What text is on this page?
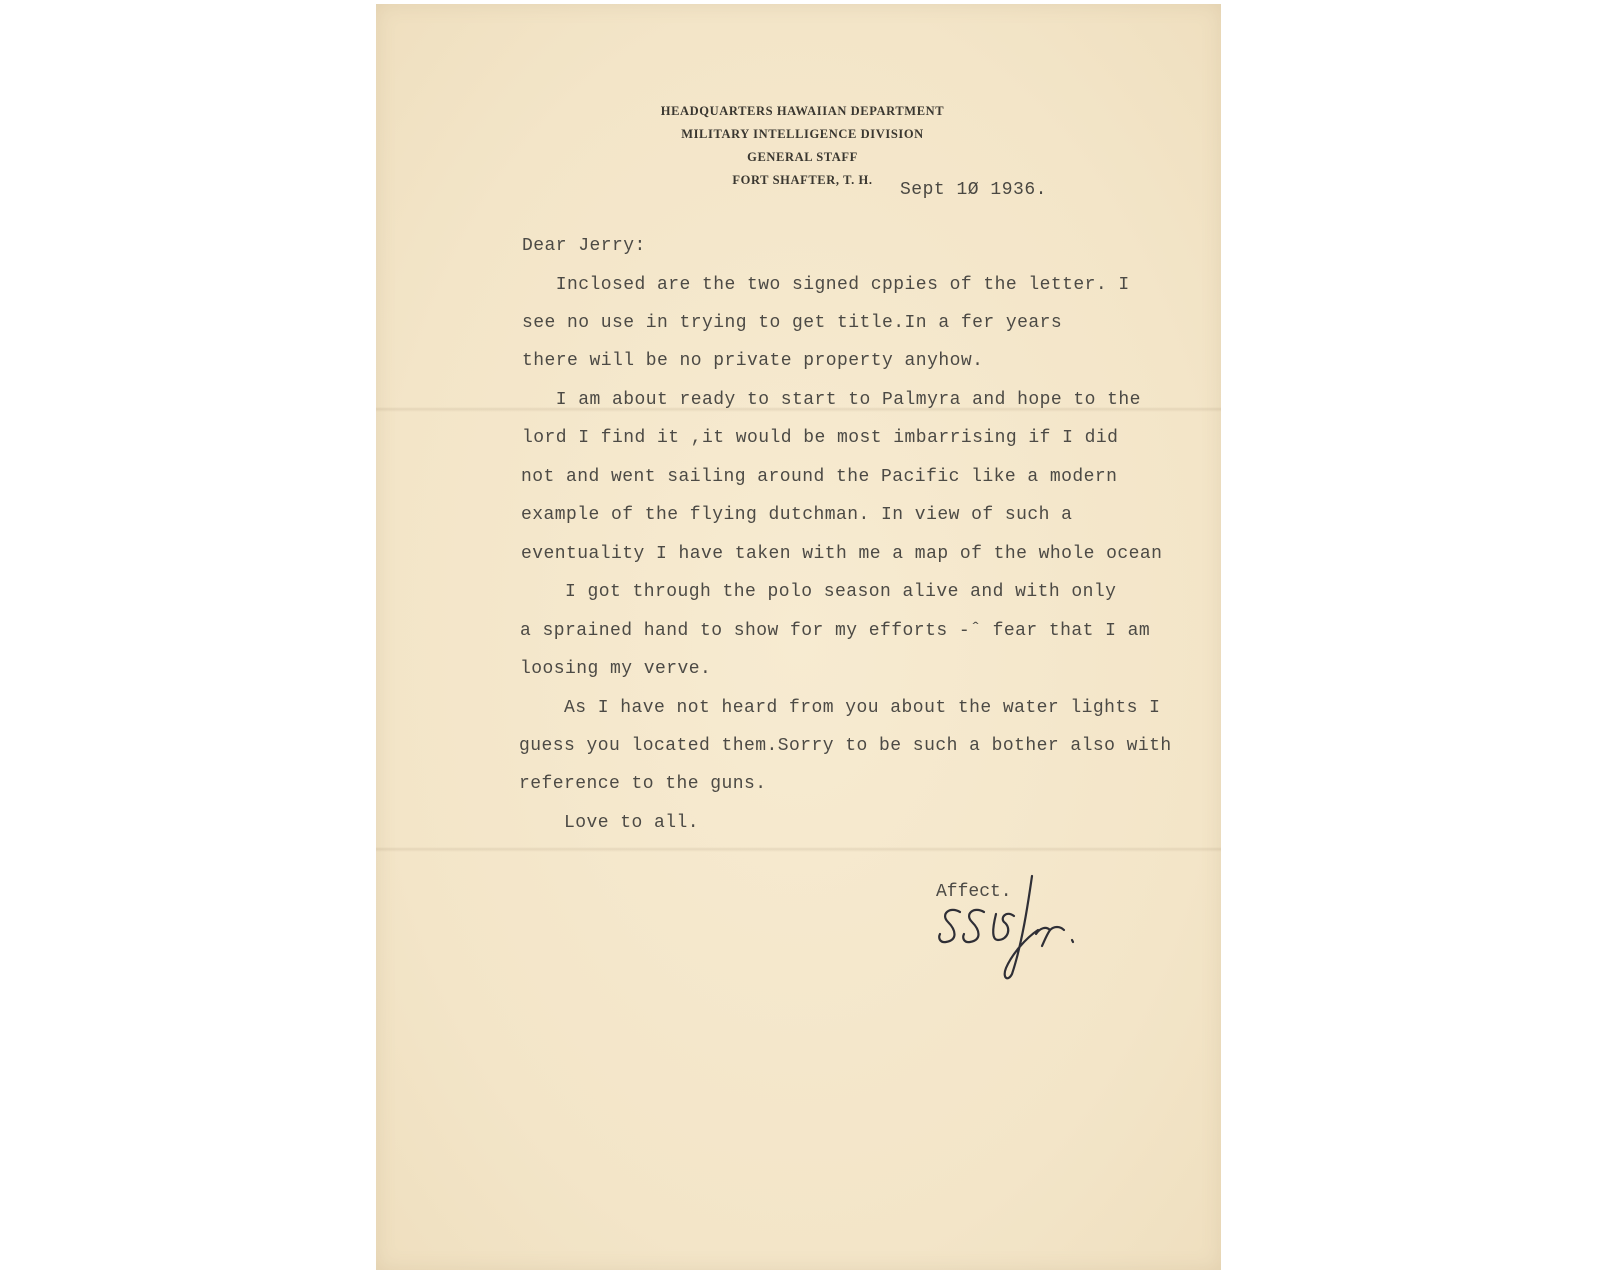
HEADQUARTERS HAWAIIAN DEPARTMENT
MILITARY INTELLIGENCE DIVISION
GENERAL STAFF
FORT SHAFTER, T. H.	Sept 1Ø 1936.
Dear Jerry:
Inclosed are the two signed cppies of the letter. I
see no use in trying to get title.In a fer years
there will be no private property anyhow.
I am about ready to start to Palmyra and hope to the
lord I find it ,it would be most imbarrising if I did
not and went sailing around the Pacific like a modern
example of the flying dutchman. In view of such a
eventuality I have taken with me a map of the whole ocean
I got through the polo season alive and with only
a sprained hand to show for my efforts -ˆ fear that I am
loosing my verve.
As I have not heard from you about the water lights I
guess you located them.Sorry to be such a bother also with
reference to the guns.
Love to all.
Affect.
